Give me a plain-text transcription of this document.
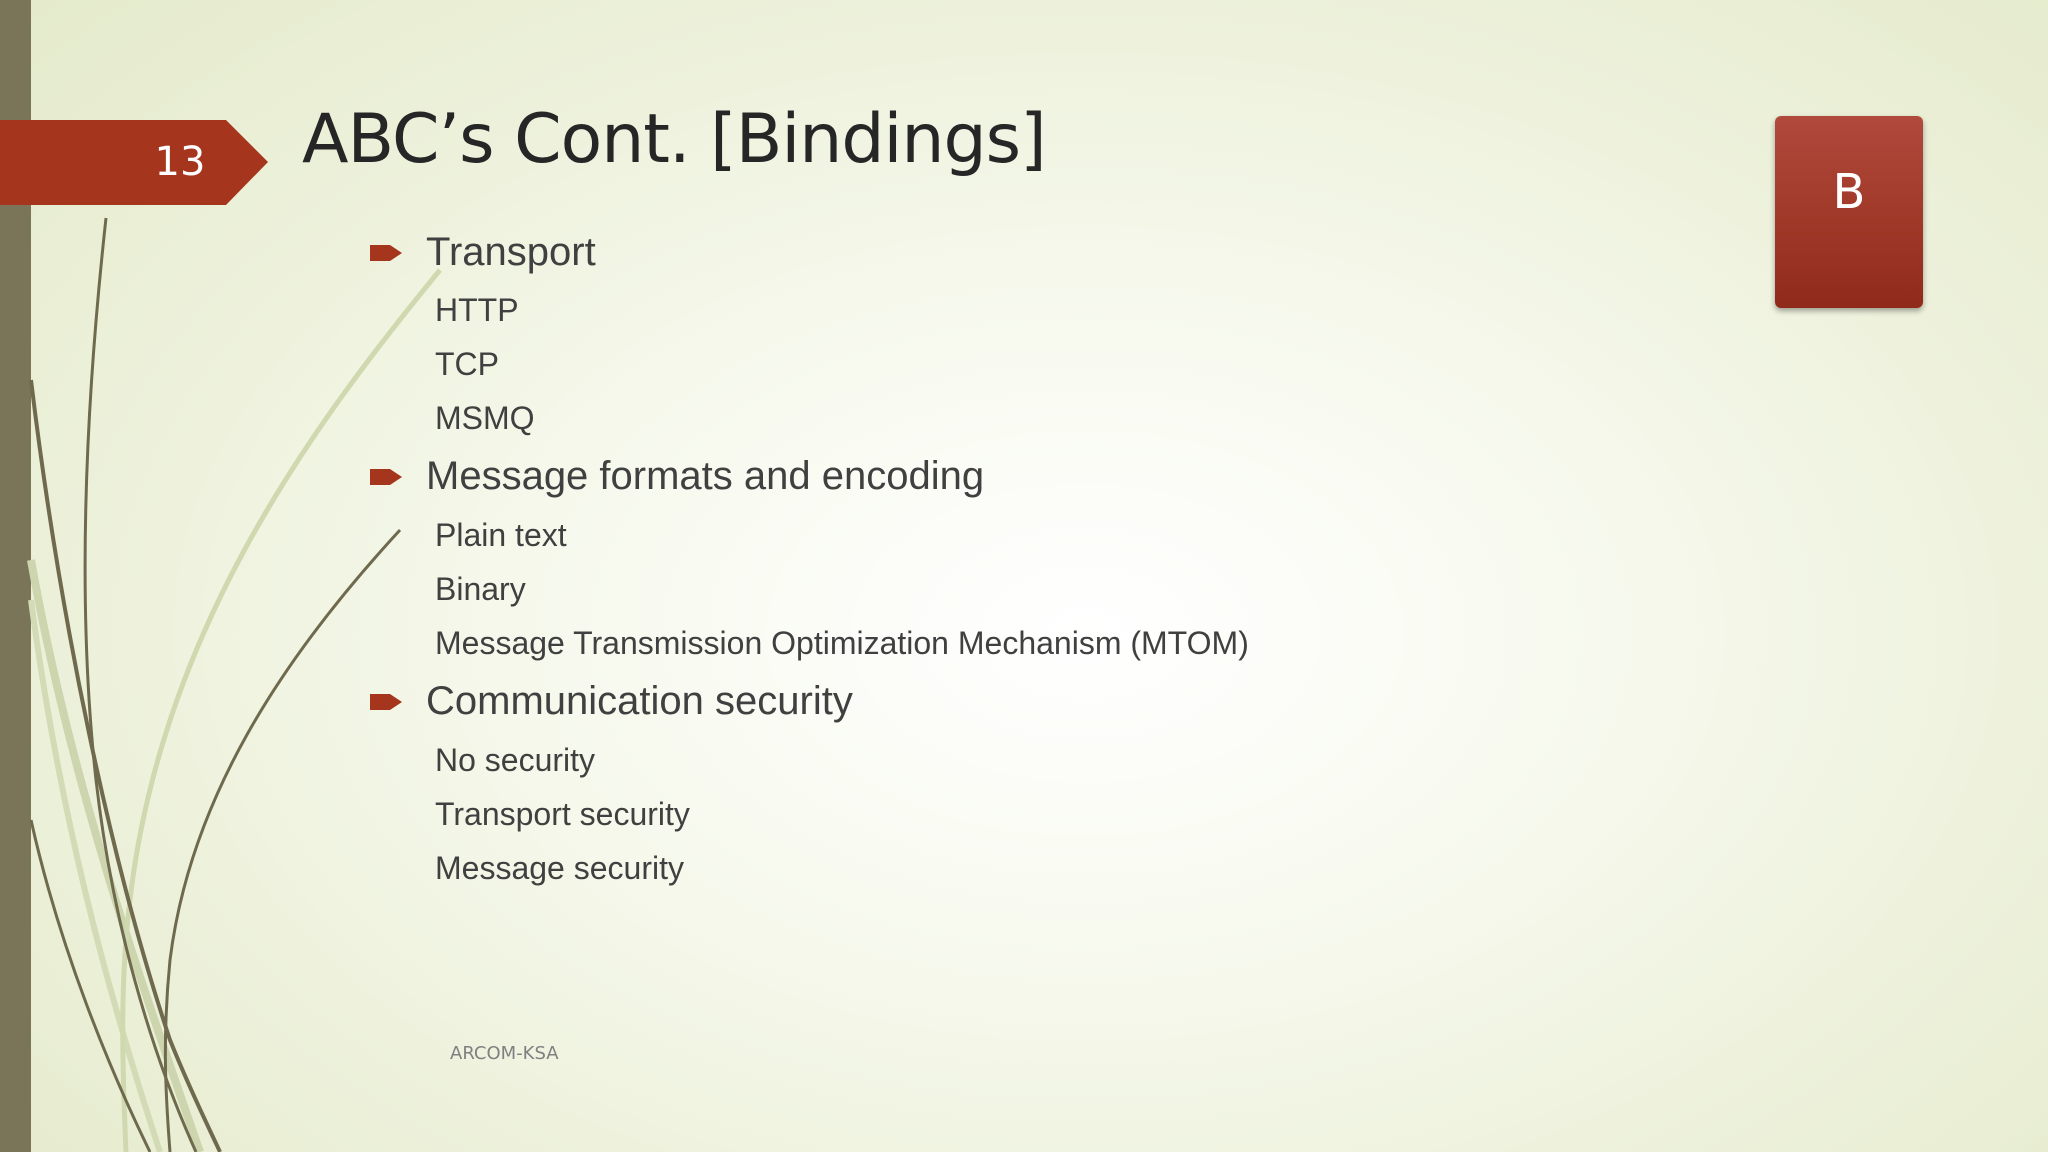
13 ABC’s Cont. [Bindings]
B
Transport
HTTP
TCP
MSMQ
Message formats and encoding
Plain text
Binary
Message Transmission Optimization Mechanism (MTOM)
Communication security
No security
Transport security
Message security
ARCOM-KSA
